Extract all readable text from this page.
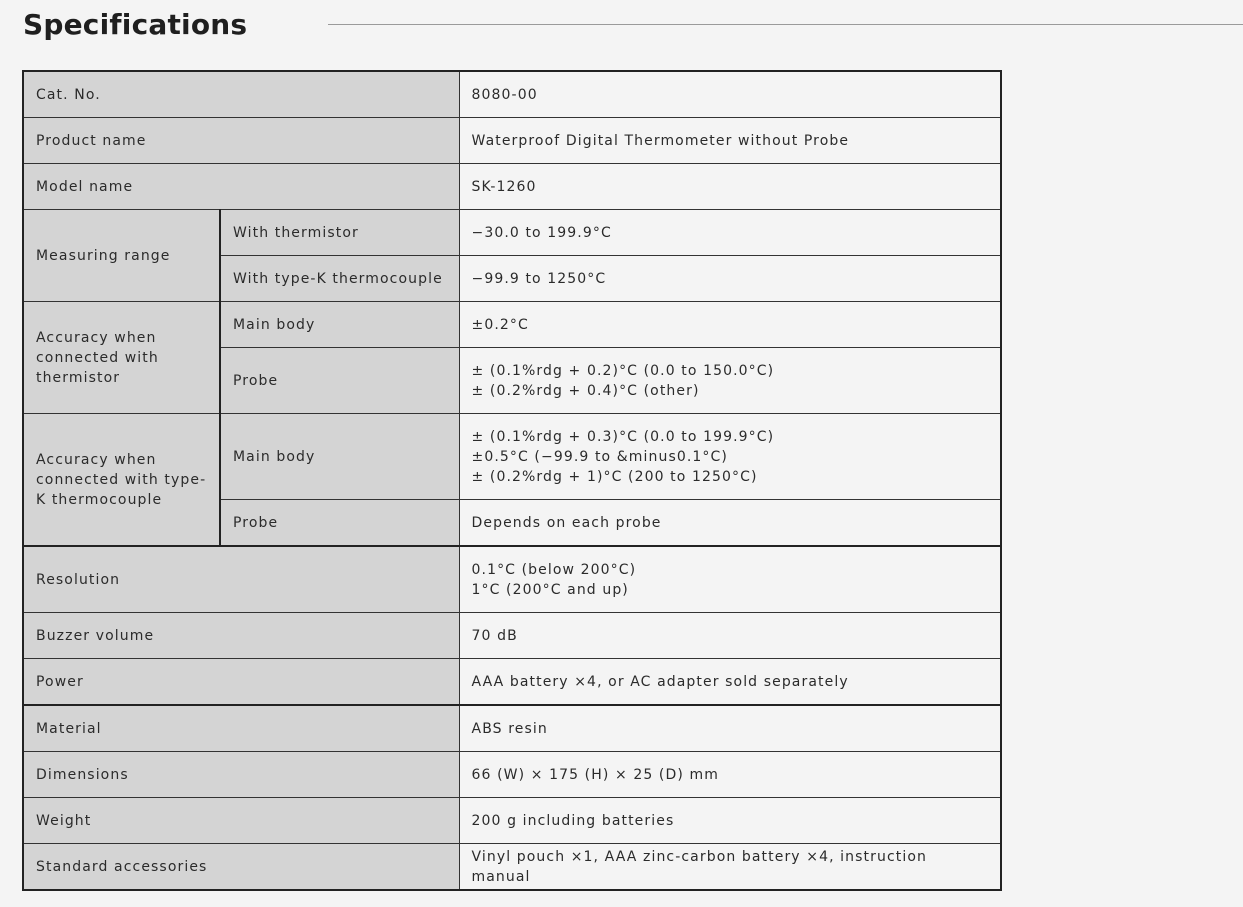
Specifications
Cat. No.		8080-00
Product name		Waterproof Digital Thermometer without Probe
Model name		SK-1260
Measuring range	With thermistor	−30.0 to 199.9°C
	With type-K thermocouple	−99.9 to 1250°C
Accuracy when connected with thermistor	Main body	±0.2°C

	Probe	± (0.1%rdg + 0.2)°C (0.0 to 150.0°C)
± (0.2%rdg + 0.4)°C (other)

Accuracy when connected with type-K thermocouple	Main body	± (0.1%rdg + 0.3)°C (0.0 to 199.9°C)
±0.5°C (−99.9 to &minus0.1°C)
± (0.2%rdg + 1)°C (200 to 1250°C)

	Probe	Depends on each probe

Resolution		0.1°C (below 200°C)
1°C (200°C and up)

Buzzer volume		70 dB
Power		AAA battery ×4, or AC adapter sold separately
Material		ABS resin
Dimensions		66 (W) × 175 (H) × 25 (D) mm
Weight		200 g including batteries
Standard accessories		Vinyl pouch ×1, AAA zinc-carbon battery ×4, instruction manual
